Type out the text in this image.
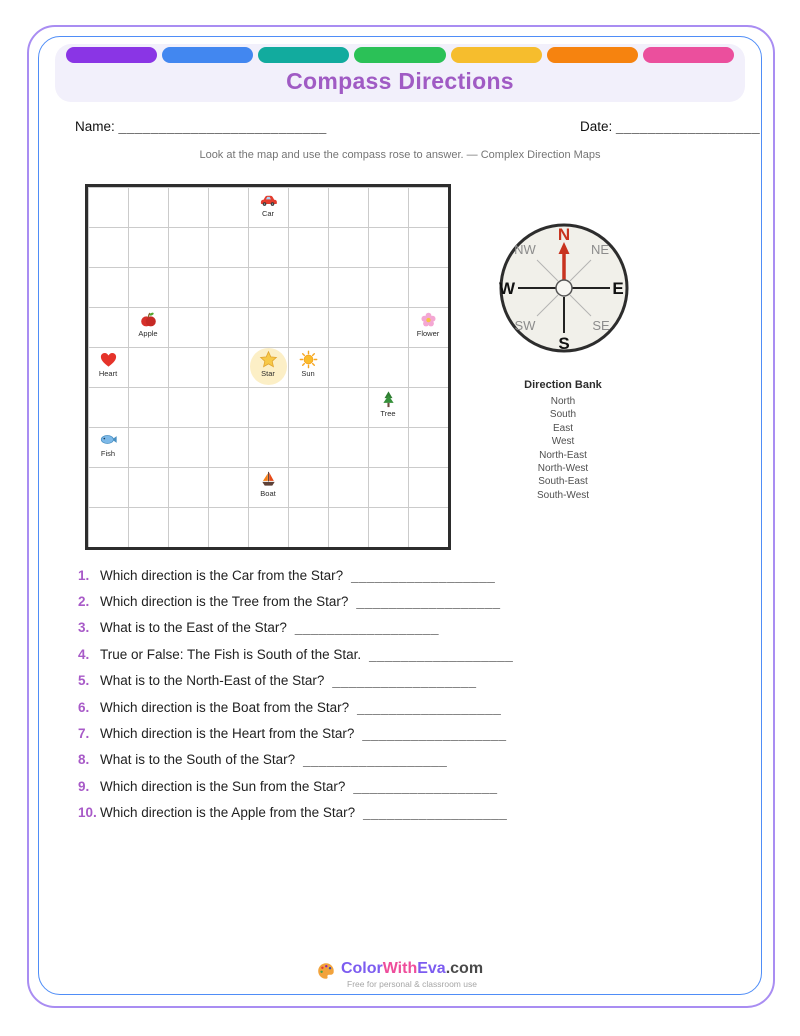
Compass Directions
Name: __________________________	Date: __________________
Look at the map and use the compass rose to answer. — Complex Direction Maps
Car
Apple	Flower
Heart	Star	Sun
Tree
Fish
Boat
N
S
E
W
NW	NE
SW	SE
Direction Bank
North
South
East
West
North-East
North-West
South-East
South-West
1. Which direction is the Car from the Star? __________________
2. Which direction is the Tree from the Star? __________________
3. What is to the East of the Star? __________________
4. True or False: The Fish is South of the Star. __________________
5. What is to the North-East of the Star? __________________
6. Which direction is the Boat from the Star? __________________
7. Which direction is the Heart from the Star? __________________
8. What is to the South of the Star? __________________
9. Which direction is the Sun from the Star? __________________
10. Which direction is the Apple from the Star? __________________
ColorWithEva.com
Free for personal & classroom use
